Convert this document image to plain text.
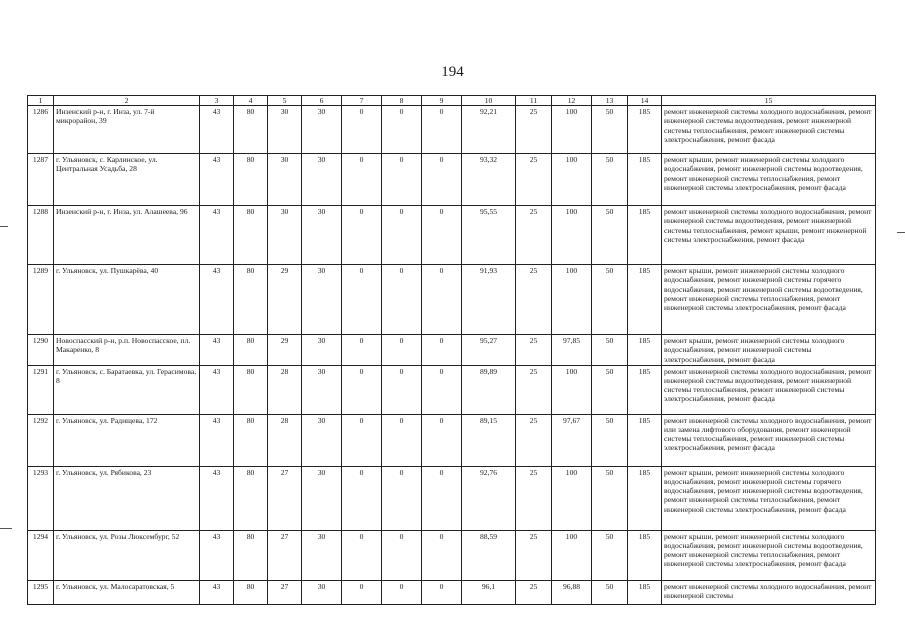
194
1	2	3	4	5	6	7	8	9	10	11	12	13	14	15
1286	Инзенский р-н, г. Инза, ул. 7-й микрорайон, 39	43	80	30	30	0	0	0	92,21	25	100	50	185	ремонт инженерной системы холодного водоснабжения, ремонт инженерной системы водоотведения, ремонт инженерной системы теплоснабжения, ремонт инженерной системы электроснабжения, ремонт фасада
1287	г. Ульяновск, с. Карлинское, ул. Центральная Усадьба, 28	43	80	30	30	0	0	0	93,32	25	100	50	185	ремонт крыши, ремонт инженерной системы холодного водоснабжения, ремонт инженерной системы водоотведения, ремонт инженерной системы теплоснабжения, ремонт инженерной системы электроснабжения, ремонт фасада
1288	Инзенский р-н, г. Инза, ул. Алашеева, 96	43	80	30	30	0	0	0	95,55	25	100	50	185	ремонт инженерной системы холодного водоснабжения, ремонт инженерной системы водоотведения, ремонт инженерной системы теплоснабжения, ремонт крыши, ремонт инженерной системы электроснабжения, ремонт фасада
1289	г. Ульяновск, ул. Пушкарёва, 40	43	80	29	30	0	0	0	91,93	25	100	50	185	ремонт крыши, ремонт инженерной системы холодного водоснабжения, ремонт инженерной системы горячего водоснабжения, ремонт инженерной системы водоотведения, ремонт инженерной системы теплоснабжения, ремонт инженерной системы электроснабжения, ремонт фасада
1290	Новоспасский р-н, р.п. Новоспасское, пл. Макаренко, 8	43	80	29	30	0	0	0	95,27	25	97,85	50	185	ремонт крыши, ремонт инженерной системы холодного водоснабжения, ремонт инженерной системы электроснабжения, ремонт фасада
1291	г. Ульяновск, с. Баратаевка, ул. Герасимова, 8	43	80	28	30	0	0	0	89,89	25	100	50	185	ремонт инженерной системы холодного водоснабжения, ремонт инженерной системы водоотведения, ремонт инженерной системы теплоснабжения, ремонт инженерной системы электроснабжения, ремонт фасада
1292	г. Ульяновск, ул. Радищева, 172	43	80	28	30	0	0	0	89,15	25	97,67	50	185	ремонт инженерной системы холодного водоснабжения, ремонт или замена лифтового оборудования, ремонт инженерной системы теплоснабжения, ремонт инженерной системы электроснабжения, ремонт фасада
1293	г. Ульяновск, ул. Рябикова, 23	43	80	27	30	0	0	0	92,76	25	100	50	185	ремонт крыши, ремонт инженерной системы холодного водоснабжения, ремонт инженерной системы горячего водоснабжения, ремонт инженерной системы водоотведения, ремонт инженерной системы теплоснабжения, ремонт инженерной системы электроснабжения, ремонт фасада
1294	г. Ульяновск, ул. Розы Люксембург, 52	43	80	27	30	0	0	0	88,59	25	100	50	185	ремонт крыши, ремонт инженерной системы холодного водоснабжения, ремонт инженерной системы водоотведения, ремонт инженерной системы теплоснабжения, ремонт инженерной системы электроснабжения, ремонт фасада
1295	г. Ульяновск, ул. Малосаратовская, 5	43	80	27	30	0	0	0	96,1	25	96,88	50	185	ремонт инженерной системы холодного водоснабжения, ремонт инженерной системы
